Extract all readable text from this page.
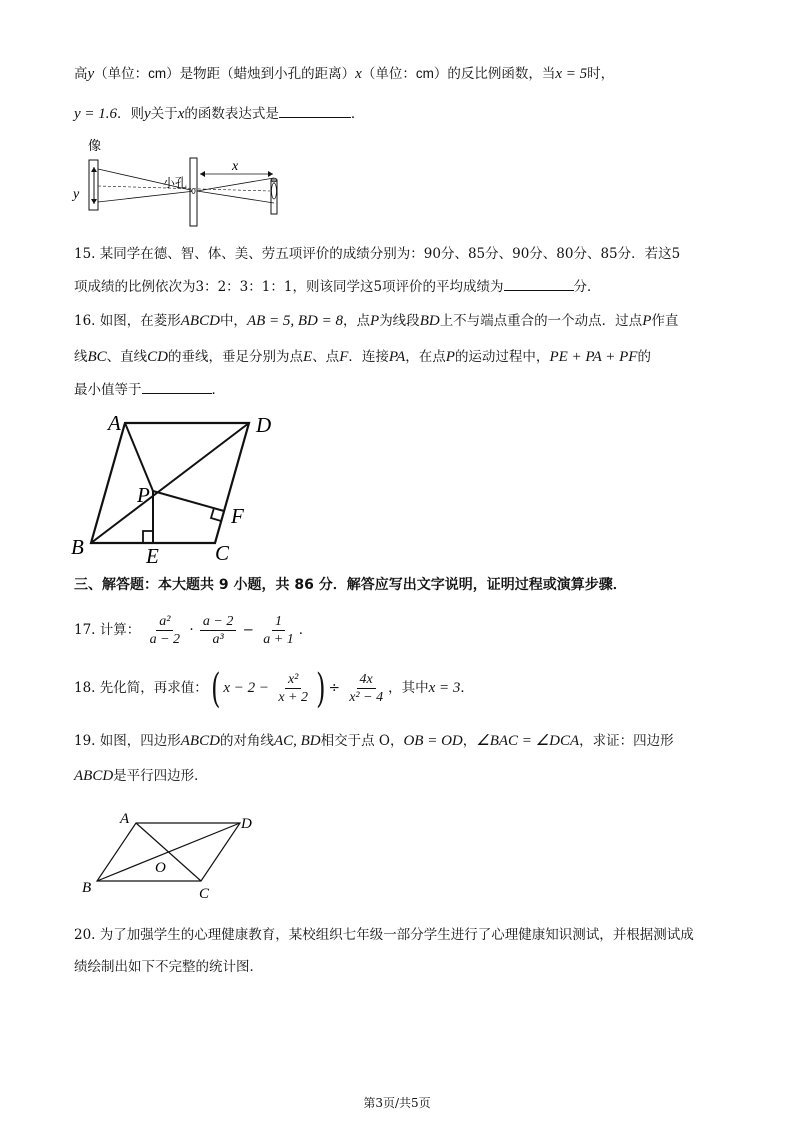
高y（单位：cm）是物距（蜡烛到小孔的距离）x（单位：cm）的反比例函数，当x = 5时，
y = 1.6．则y关于x的函数表达式是	．
像
y
小孔
x
15. 某同学在德、智、体、美、劳五项评价的成绩分别为：90分、85分、90分、80分、85分．若这5
项成绩的比例依次为3：2：3：1：1，则该同学这5项评价的平均成绩为	分．
16. 如图，在菱形ABCD中，AB = 5, BD = 8，点P为线段BD上不与端点重合的一个动点．过点P作直
线BC、直线CD的垂线，垂足分别为点E、点F．连接PA，在点P的运动过程中，PE + PA + PF的
最小值等于	．
A	D
P
F
B	E	C
三、解答题：本大题共 9 小题，共 86 分．解答应写出文字说明，证明过程或演算步骤．
17. 计算： $\frac{\text{a²}}{a - 2} \cdot \frac{a - 2}{\text{a³}} - \frac{1}{a + 1}$ ．
18. 先化简，再求值：( $x - 2 - \frac{\text{x²}}{x + 2}$ ) ÷ $\frac{4x}{\text{x² − 4}}$ ，其中x = 3．
19. 如图，四边形ABCD的对角线AC, BD相交于点 O，OB = OD，∠BAC = ∠DCA，求证：四边形
ABCD是平行四边形．
A	D
O
B	C
20. 为了加强学生的心理健康教育，某校组织七年级一部分学生进行了心理健康知识测试，并根据测试成
绩绘制出如下不完整的统计图．
第3页/共5页
